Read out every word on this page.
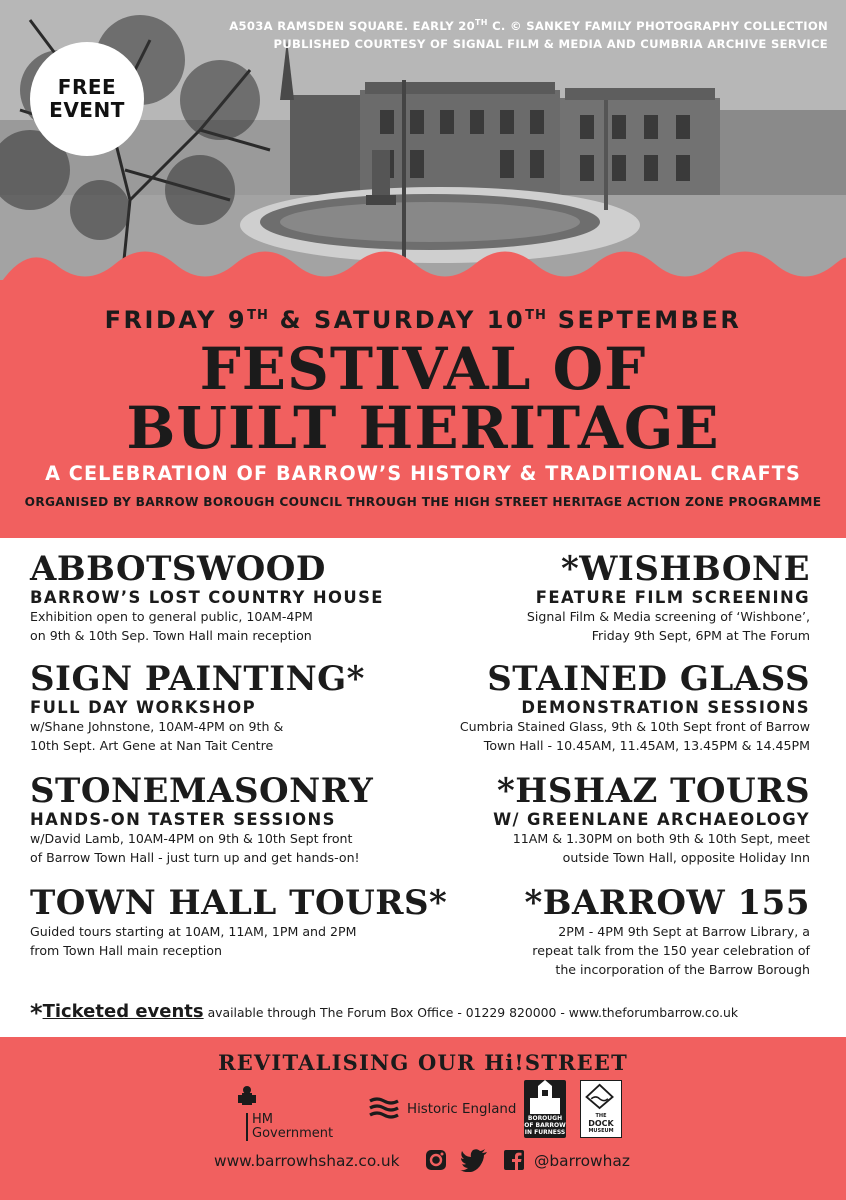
A503A RAMSDEN SQUARE. EARLY 20TH C. © SANKEY FAMILY PHOTOGRAPHY COLLECTION
PUBLISHED COURTESY OF SIGNAL FILM & MEDIA AND CUMBRIA ARCHIVE SERVICE
FREE
EVENT
FRIDAY 9TH & SATURDAY 10TH SEPTEMBER
FESTIVAL OF
BUILT HERITAGE
A CELEBRATION OF BARROW’S HISTORY & TRADITIONAL CRAFTS
ORGANISED BY BARROW BOROUGH COUNCIL THROUGH THE HIGH STREET HERITAGE ACTION ZONE PROGRAMME
ABBOTSWOOD
BARROW’S LOST COUNTRY HOUSE
Exhibition open to general public, 10AM-4PM
on 9th & 10th Sep. Town Hall main reception
SIGN PAINTING*
FULL DAY WORKSHOP
w/Shane Johnstone, 10AM-4PM on 9th &
10th Sept. Art Gene at Nan Tait Centre
STONEMASONRY
HANDS-ON TASTER SESSIONS
w/David Lamb, 10AM-4PM on 9th & 10th Sept front
of Barrow Town Hall - just turn up and get hands-on!
TOWN HALL TOURS*
Guided tours starting at 10AM, 11AM, 1PM and 2PM
from Town Hall main reception
*WISHBONE
FEATURE FILM SCREENING
Signal Film & Media screening of ‘Wishbone’,
Friday 9th Sept, 6PM at The Forum
STAINED GLASS
DEMONSTRATION SESSIONS
Cumbria Stained Glass, 9th & 10th Sept front of Barrow
Town Hall - 10.45AM, 11.45AM, 13.45PM & 14.45PM
*HSHAZ TOURS
W/ GREENLANE ARCHAEOLOGY
11AM & 1.30PM on both 9th & 10th Sept, meet
outside Town Hall, opposite Holiday Inn
*BARROW 155
2PM - 4PM 9th Sept at Barrow Library, a
repeat talk from the 150 year celebration of
the incorporation of the Barrow Borough
*Ticketed events available through The Forum Box Office - 01229 820000 - www.theforumbarrow.co.uk
REVITALISING OUR Hi!STREET
HM Government
Historic England
BOROUGH OF BARROW IN FURNESS
THE
DOCK
MUSEUM
www.barrowhshaz.co.uk	@barrowhaz
